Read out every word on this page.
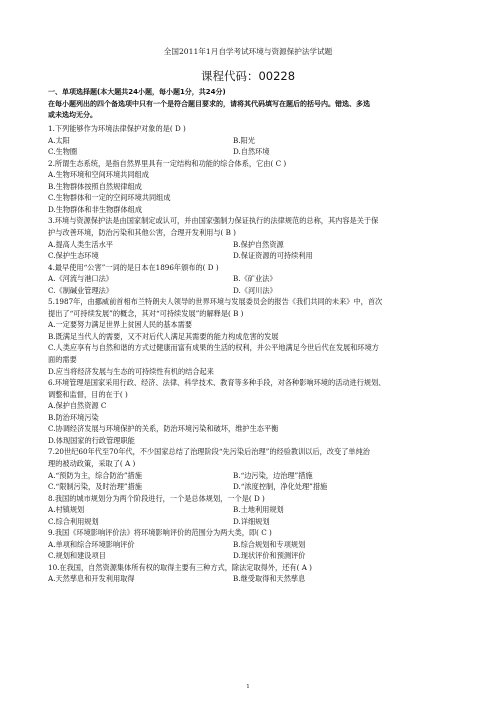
全国2011年1月自学考试环境与资源保护法学试题
课程代码：00228
一、单项选择题(本大题共24小题，每小题1分，共24分)
在每小题列出的四个备选项中只有一个是符合题目要求的，请将其代码填写在题后的括号内。错选、多选
或未选均无分。
1.下列能够作为环境法律保护对象的是( D )
A.太阳	B.阳光
C.生物圈	D.自然环境
2.所谓生态系统，是指自然界里具有一定结构和功能的综合体系，它由( C )
A.生物环境和空间环境共同组成
B.生物群体按照自然规律组成
C.生物群体和一定的空间环境共同组成
D.生物群体和非生物群体组成
3.环境与资源保护法是由国家制定或认可，并由国家强制力保证执行的法律规范的总称，其内容是关于保
护与改善环境，防治污染和其他公害，合理开发利用与( B )
A.提高人类生活水平	B.保护自然资源
C.保护生态环境	D.保证资源的可持续利用
4.最早使用“公害”一词的是日本在1896年颁布的( D )
A.《河流与港口法》	B.《矿业法》
C.《制碱业管理法》	D.《河川法》
5.1987年，由挪威前首相布兰特朗夫人领导的世界环境与发展委员会的报告《我们共同的未来》中，首次
提出了“可持续发展”的概念，其对“可持续发展”的解释是( B )
A.一定要努力满足世界上贫困人民的基本需要
B.既满足当代人的需要，又不对后代人满足其需要的能力构成危害的发展
C.人类应享有与自然和谐的方式过健康而富有成果的生活的权利，并公平地满足今世后代在发展和环境方
面的需要
D.应当将经济发展与生态的可持续性有机的结合起来
6.环境管理是国家采用行政、经济、法律、科学技术、教育等多种手段，对各种影响环境的活动进行规划、
调整和监督，目的在于( )
A.保护自然资源 C
B.防治环境污染
C.协调经济发展与环境保护的关系，防治环境污染和破坏，维护生态平衡
D.体现国家的行政管理职能
7.20世纪60年代至70年代，不少国家总结了治理阶段“先污染后治理”的经验教训以后，改变了单纯治
理的被动政策，采取了( A )
A.“预防为主，综合防治”措施	B.“边污染，边治理”措施
C.“限制污染，及时治理”措施	D.“浓度控制，净化处理”措施
8.我国的城市规划分为两个阶段进行，一个是总体规划，一个是( D )
A.村镇规划	B.土地利用规划
C.综合利用规划	D.详细规划
9.我国《环境影响评价法》将环境影响评价的范围分为两大类，即( C )
A.单项和综合环境影响评价	B.综合规划和专项规划
C.规划和建设项目	D.现状评价和预测评价
10.在我国，自然资源集体所有权的取得主要有三种方式，除法定取得外，还有( A )
A.天然孳息和开发利用取得	B.继受取得和天然孳息
1
